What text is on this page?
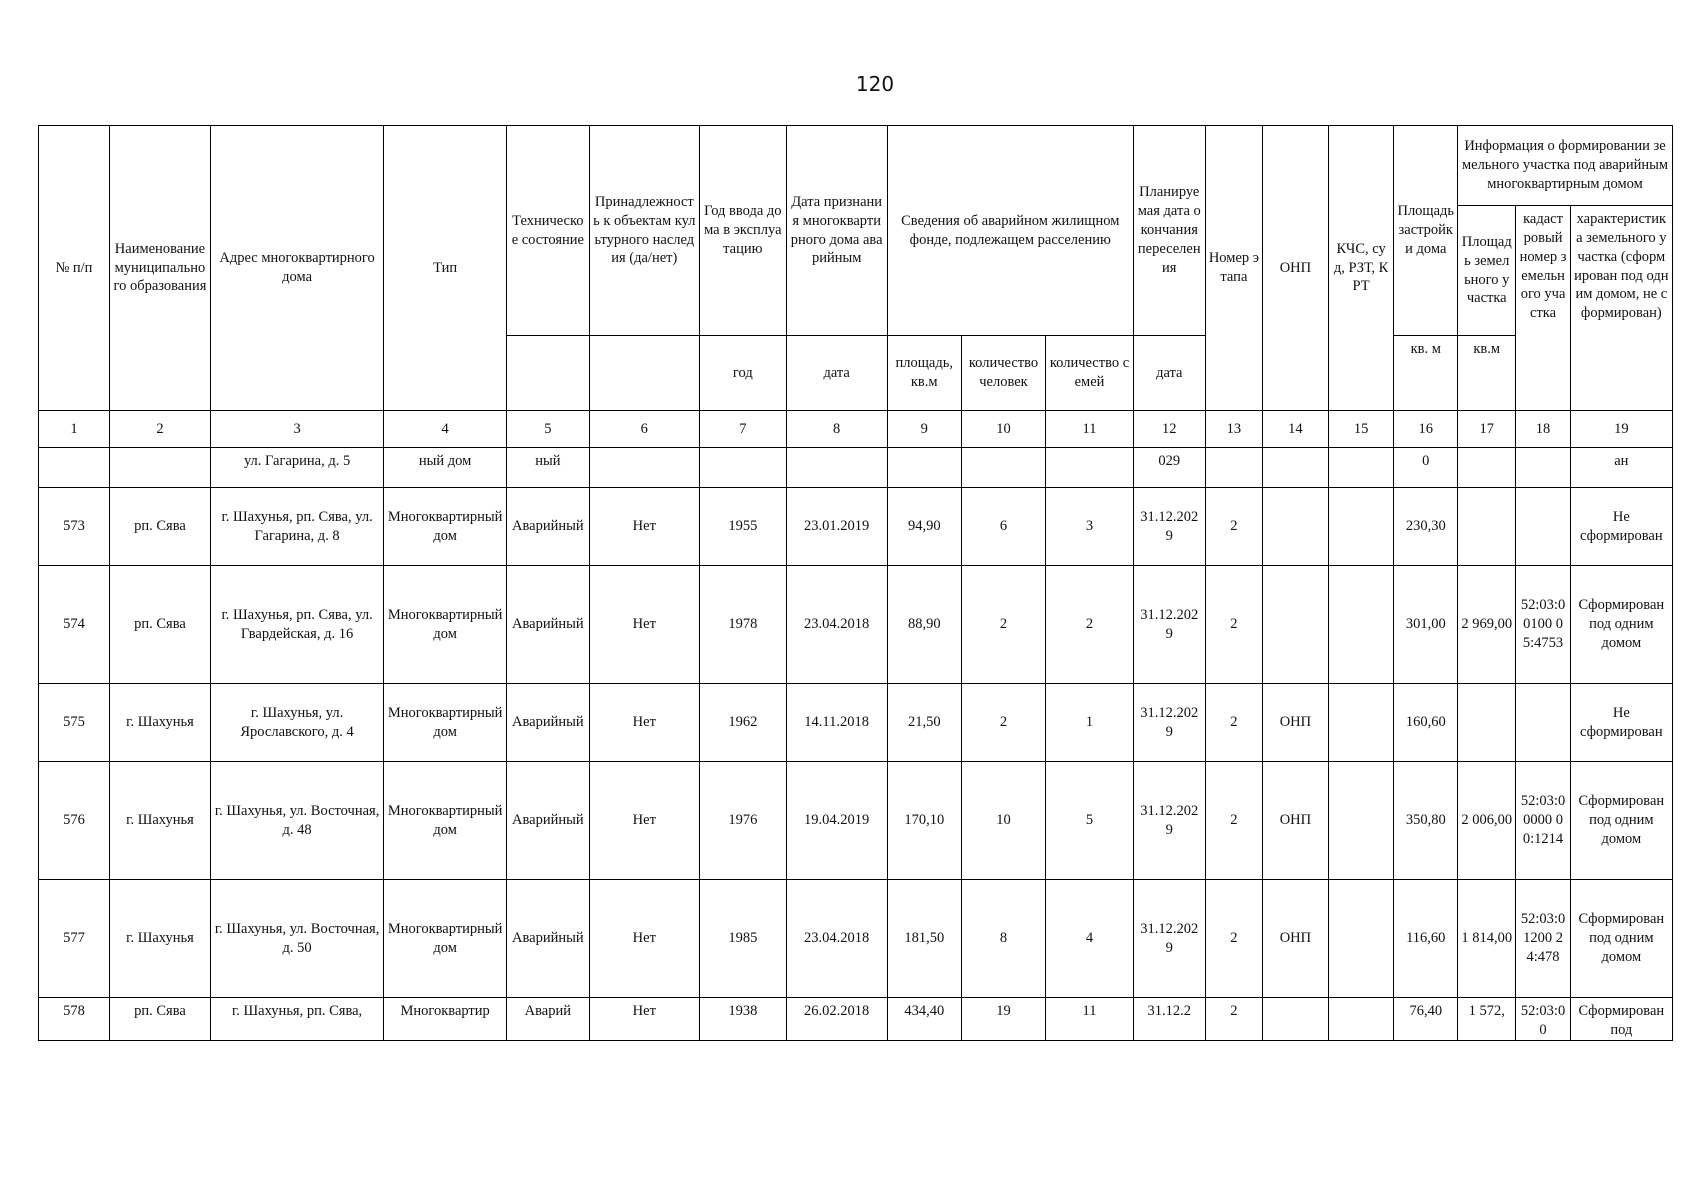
120
№ п/п	Наименование муниципального образования	Адрес многоквартирного дома	Тип	Техническое состояние	Принадлежность к объектам культурного наследия (да/нет)	Год ввода дома в эксплуатацию	Дата признания многоквартирного дома аварийным	Сведения об аварийном жилищном фонде, подлежащем расселению			Планируемая дата окончания переселения	Номер этапа	ОНП	КЧС, суд, РЗТ, КРТ	Площадь застройки дома	Информация о формировании земельного участка под аварийным многоквартирным домом		
																Площадь земельного участка	кадастровый номер земельного участка	характеристика земельного участка (сформирован под одним домом, не сформирован)
						год	дата	площадь, кв.м	количество человек	количество семей	дата				кв. м	кв.м		
1	2	3	4	5	6	7	8	9	10	11	12	13	14	15	16	17	18	19
		ул. Гагарина, д. 5	ный дом	ный							029				0			ан
573	рп. Сява	г. Шахунья, рп. Сява, ул. Гагарина, д. 8	Многоквартирный дом	Аварийный	Нет	1955	23.01.2019	94,90	6	3	31.12.2029	2			230,30			Не сформирован
574	рп. Сява	г. Шахунья, рп. Сява, ул. Гвардейская, д. 16	Многоквартирный дом	Аварийный	Нет	1978	23.04.2018	88,90	2	2	31.12.2029	2			301,00	2 969,00	52:03:00100 05:4753	Сформирован под одним домом
575	г. Шахунья	г. Шахунья, ул. Ярославского, д. 4	Многоквартирный дом	Аварийный	Нет	1962	14.11.2018	21,50	2	1	31.12.2029	2	ОНП		160,60			Не сформирован
576	г. Шахунья	г. Шахунья, ул. Восточная, д. 48	Многоквартирный дом	Аварийный	Нет	1976	19.04.2019	170,10	10	5	31.12.2029	2	ОНП		350,80	2 006,00	52:03:00000 00:1214	Сформирован под одним домом
577	г. Шахунья	г. Шахунья, ул. Восточная, д. 50	Многоквартирный дом	Аварийный	Нет	1985	23.04.2018	181,50	8	4	31.12.2029	2	ОНП		116,60	1 814,00	52:03:01200 24:478	Сформирован под одним домом
578	рп. Сява	г. Шахунья, рп. Сява,	Многоквартир	Аварий	Нет	1938	26.02.2018	434,40	19	11	31.12.2	2			76,40	1 572,	52:03:00	Сформирован под
